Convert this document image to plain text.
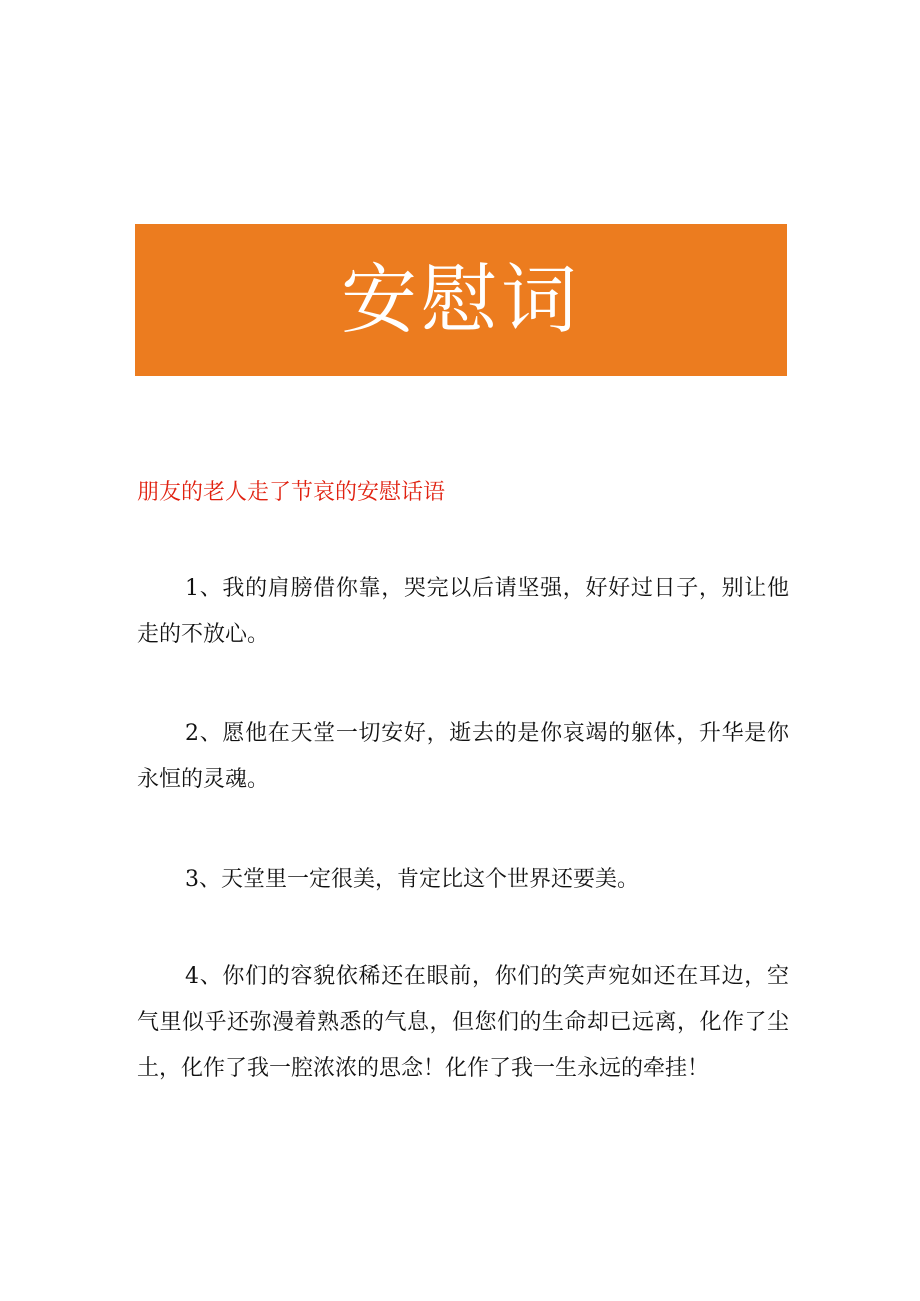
安慰词
朋友的老人走了节哀的安慰话语
1、我的肩膀借你靠，哭完以后请坚强，好好过日子，别让他走的不放心。
2、愿他在天堂一切安好，逝去的是你哀竭的躯体，升华是你永恒的灵魂。
3、天堂里一定很美，肯定比这个世界还要美。
4、你们的容貌依稀还在眼前，你们的笑声宛如还在耳边，空气里似乎还弥漫着熟悉的气息，但您们的生命却已远离，化作了尘土，化作了我一腔浓浓的思念！化作了我一生永远的牵挂！
